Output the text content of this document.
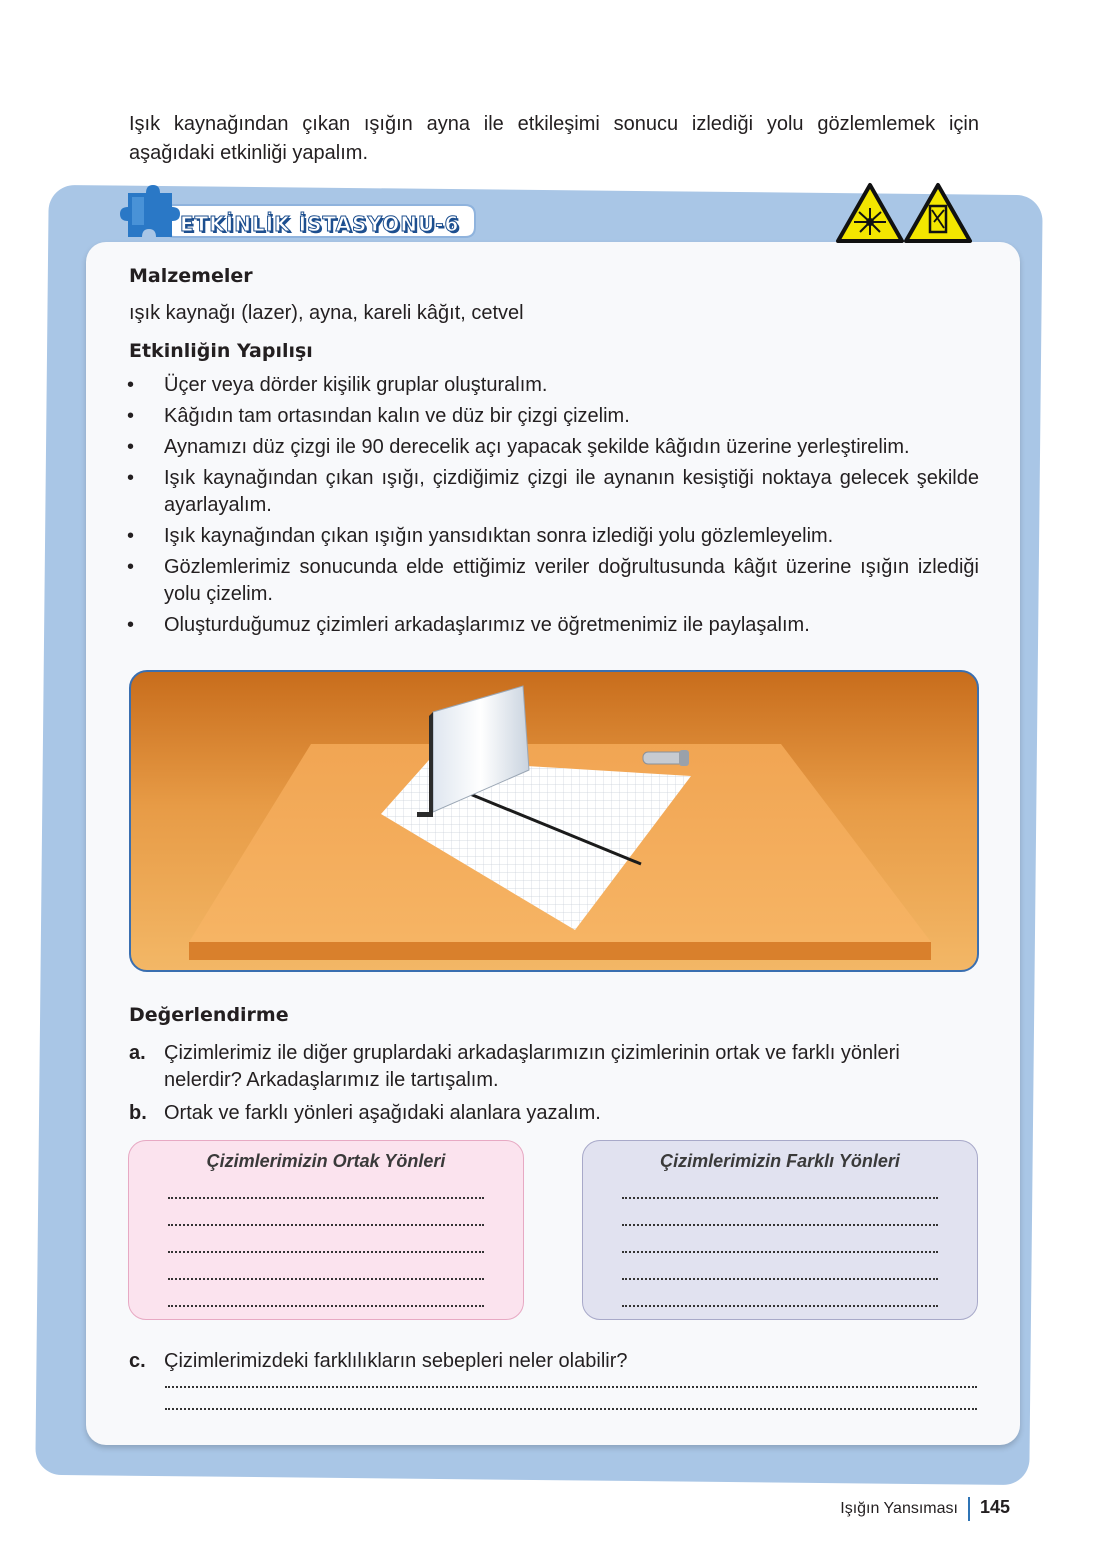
Işık kaynağından çıkan ışığın ayna ile etkileşimi sonucu izlediği yolu gözlemlemek için aşağıdaki etkinliği yapalım.
ETKİNLİK İSTASYONU-6
Malzemeler
ışık kaynağı (lazer), ayna, kareli kâğıt, cetvel
Etkinliğin Yapılışı
• Üçer veya dörder kişilik gruplar oluşturalım.
• Kâğıdın tam ortasından kalın ve düz bir çizgi çizelim.
• Aynamızı düz çizgi ile 90 derecelik açı yapacak şekilde kâğıdın üzerine yerleştirelim.
• Işık kaynağından çıkan ışığı, çizdiğimiz çizgi ile aynanın kesiştiği noktaya gelecek şekilde ayarlayalım.
• Işık kaynağından çıkan ışığın yansıdıktan sonra izlediği yolu gözlemleyelim.
• Gözlemlerimiz sonucunda elde ettiğimiz veriler doğrultusunda kâğıt üzerine ışığın izlediği yolu çizelim.
• Oluşturduğumuz çizimleri arkadaşlarımız ve öğretmenimiz ile paylaşalım.
Değerlendirme
a. Çizimlerimiz ile diğer gruplardaki arkadaşlarımızın çizimlerinin ortak ve farklı yönleri nelerdir? Arkadaşlarımız ile tartışalım.
b. Ortak ve farklı yönleri aşağıdaki alanlara yazalım.
Çizimlerimizin Ortak Yönleri	Çizimlerimizin Farklı Yönleri
c. Çizimlerimizdeki farklılıkların sebepleri neler olabilir?
Işığın Yansıması 145
